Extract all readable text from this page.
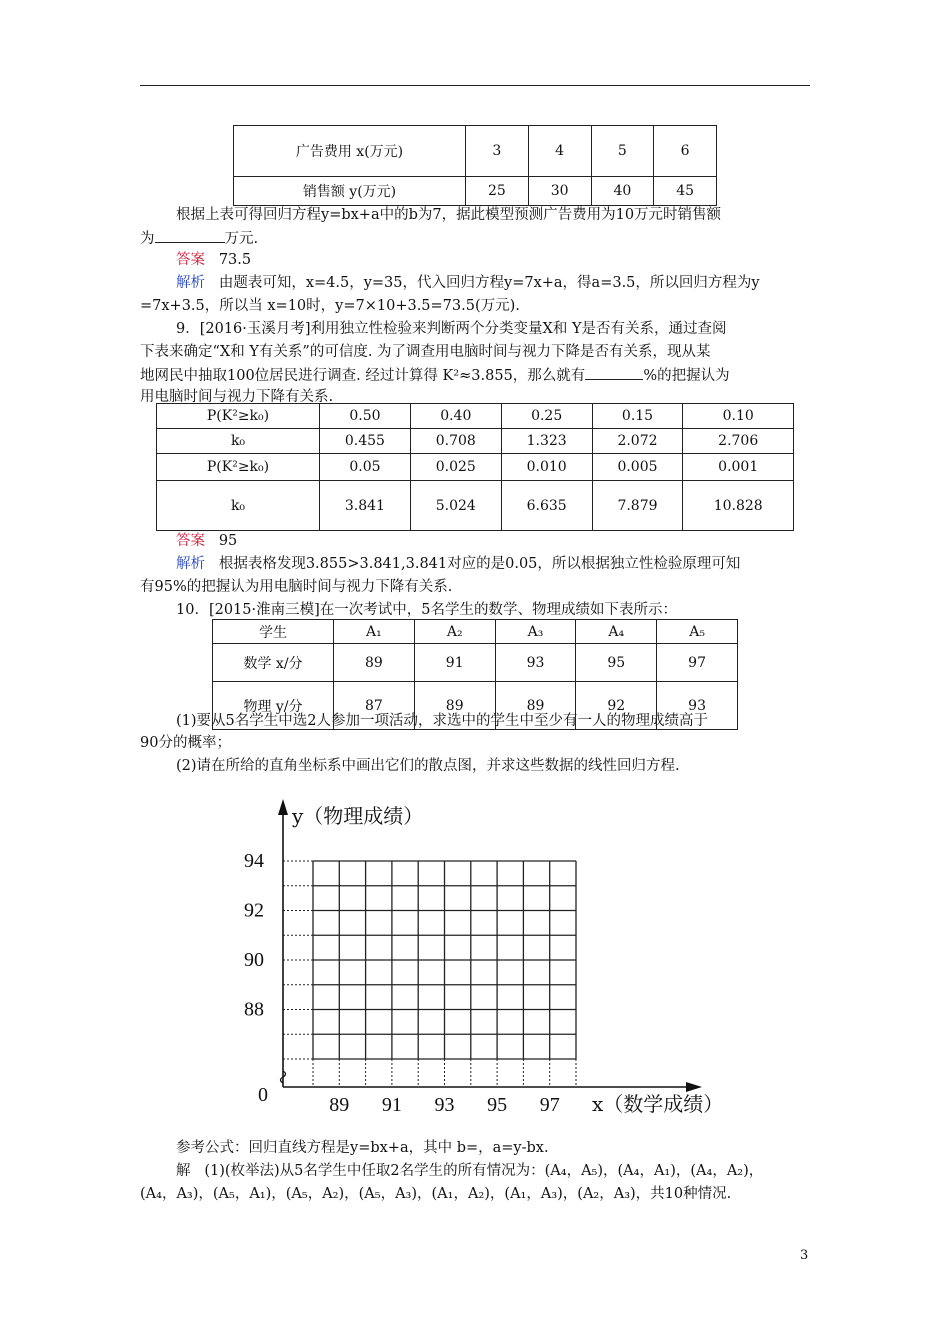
广告费用 x(万元)	3	4	5	6
销售额 y(万元)	25	30	40	45
根据上表可得回归方程y=bx+a中的b为7，据此模型预测广告费用为10万元时销售额
为	万元.
答案 73.5
解析 由题表可知，x=4.5，y=35，代入回归方程y=7x+a，得a=3.5，所以回归方程为y
=7x+3.5，所以当 x=10时，y=7×10+3.5=73.5(万元).
9．[2016·玉溪月考]利用独立性检验来判断两个分类变量X和 Y是否有关系，通过查阅
下表来确定“X和 Y有关系”的可信度. 为了调查用电脑时间与视力下降是否有关系，现从某
地网民中抽取100位居民进行调查. 经过计算得 K²≈3.855，那么就有	%的把握认为
用电脑时间与视力下降有关系.
P(K²≥k₀)	0.50	0.40	0.25	0.15	0.10
k₀	0.455	0.708	1.323	2.072	2.706
P(K²≥k₀)	0.05	0.025	0.010	0.005	0.001
k₀	3.841	5.024	6.635	7.879	10.828
答案 95
解析 根据表格发现3.855>3.841,3.841对应的是0.05，所以根据独立性检验原理可知
有95%的把握认为用电脑时间与视力下降有关系.
10．[2015·淮南三模]在一次考试中，5名学生的数学、物理成绩如下表所示：
学生	A₁	A₂	A₃	A₄	A₅
数学 x/分	89	91	93	95	97
物理 y/分	87	89	89	92	93
(1)要从5名学生中选2人参加一项活动，求选中的学生中至少有一人的物理成绩高于
90分的概率；
(2)请在所给的直角坐标系中画出它们的散点图，并求这些数据的线性回归方程.
94
92
90
88
89 91 93 95 97
0
y（物理成绩）
x（数学成绩）
参考公式：回归直线方程是y=bx+a，其中 b=，a=y-bx.
解 (1)(枚举法)从5名学生中任取2名学生的所有情况为：(A₄，A₅)，(A₄，A₁)，(A₄，A₂)，
(A₄，A₃)，(A₅，A₁)，(A₅，A₂)，(A₅，A₃)，(A₁，A₂)，(A₁，A₃)，(A₂，A₃)，共10种情况.
3
